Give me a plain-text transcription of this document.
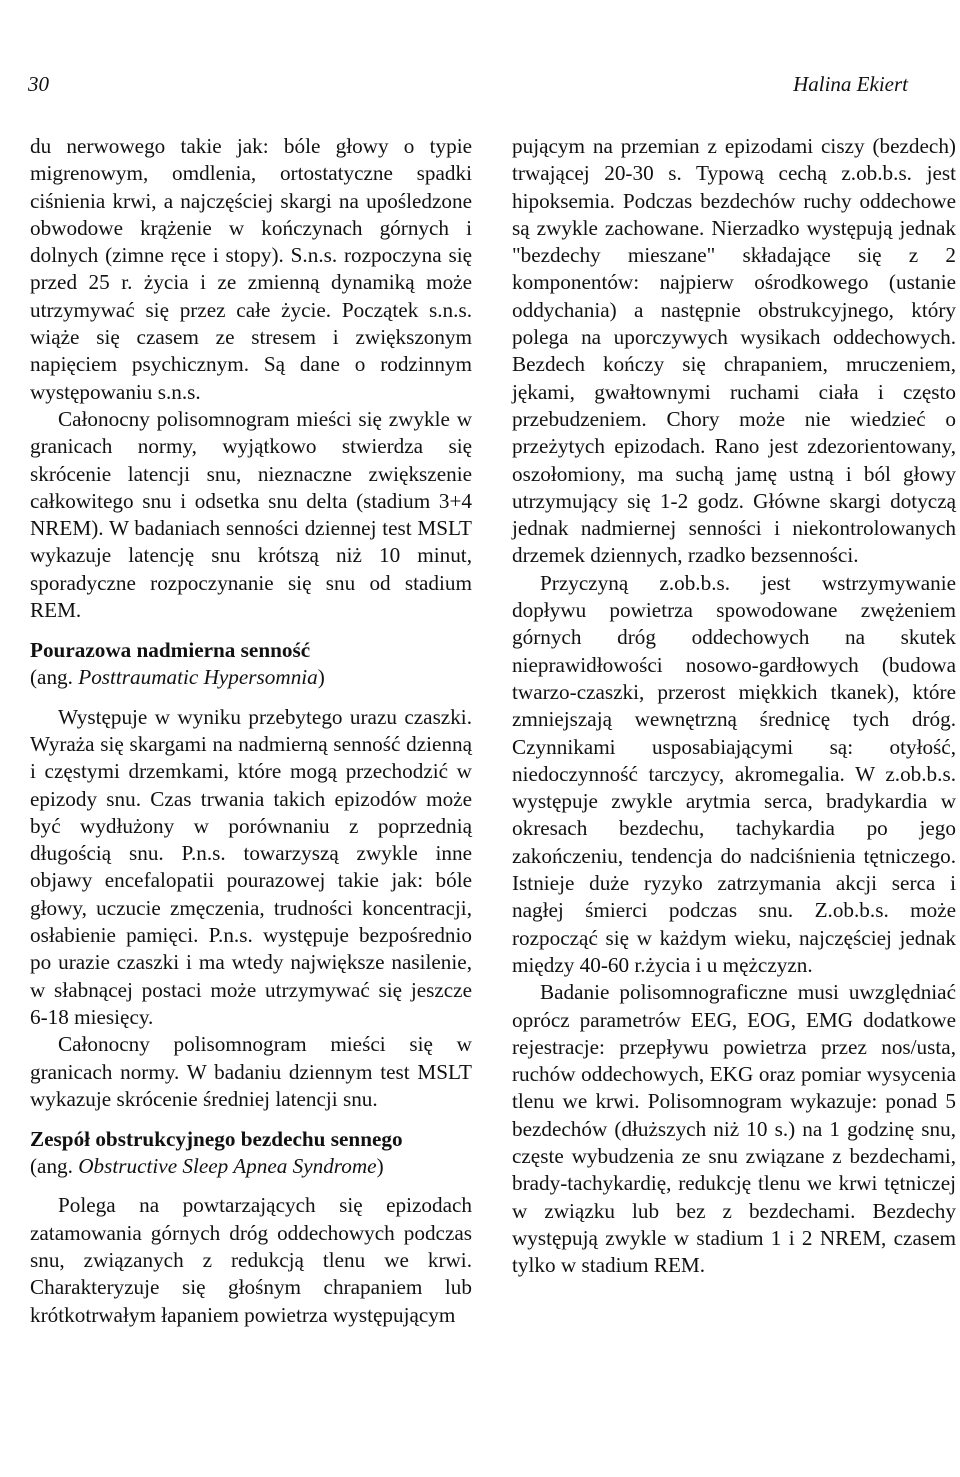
30	Halina Ekiert

du nerwowego takie jak: bóle głowy o typie migrenowym, omdlenia, ortostatyczne spadki ciśnienia krwi, a najczęściej skargi na upośledzone obwodowe krążenie w kończynach górnych i dolnych (zimne ręce i stopy). S.n.s. rozpoczyna się przed 25 r. życia i ze zmienną dynamiką może utrzymywać się przez całe życie. Początek s.n.s. wiąże się czasem ze stresem i zwiększonym napięciem psychicznym. Są dane o rodzinnym występowaniu s.n.s.

Całonocny polisomnogram mieści się zwykle w granicach normy, wyjątkowo stwierdza się skrócenie latencji snu, nieznaczne zwiększenie całkowitego snu i odsetka snu delta (stadium 3+4 NREM). W badaniach senności dziennej test MSLT wykazuje latencję snu krótszą niż 10 minut, sporadyczne rozpoczynanie się snu od stadium REM.

Pourazowa nadmierna senność

(ang. Posttraumatic Hypersomnia)

Występuje w wyniku przebytego urazu czaszki. Wyraża się skargami na nadmierną senność dzienną i częstymi drzemkami, które mogą przechodzić w epizody snu. Czas trwania takich epizodów może być wydłużony w porównaniu z poprzednią długością snu. P.n.s. towarzyszą zwykle inne objawy encefalopatii pourazowej takie jak: bóle głowy, uczucie zmęczenia, trudności koncentracji, osłabienie pamięci. P.n.s. występuje bezpośrednio po urazie czaszki i ma wtedy największe nasilenie, w słabnącej postaci może utrzymywać się jeszcze 6-18 miesięcy.

Całonocny polisomnogram mieści się w granicach normy. W badaniu dziennym test MSLT wykazuje skrócenie średniej latencji snu.

Zespół obstrukcyjnego bezdechu sennego

(ang. Obstructive Sleep Apnea Syndrome)

Polega na powtarzających się epizodach zatamowania górnych dróg oddechowych podczas snu, związanych z redukcją tlenu we krwi. Charakteryzuje się głośnym chrapaniem lub krótkotrwałym łapaniem powietrza występującym

pującym na przemian z epizodami ciszy (bezdech) trwającej 20-30 s. Typową cechą z.ob.b.s. jest hipoksemia. Podczas bezdechów ruchy oddechowe są zwykle zachowane. Nierzadko występują jednak "bezdechy mieszane" składające się z 2 komponentów: najpierw ośrodkowego (ustanie oddychania) a następnie obstrukcyjnego, który polega na uporczywych wysikach oddechowych. Bezdech kończy się chrapaniem, mruczeniem, jękami, gwałtownymi ruchami ciała i często przebudzeniem. Chory może nie wiedzieć o przeżytych epizodach. Rano jest zdezorientowany, oszołomiony, ma suchą jamę ustną i ból głowy utrzymujący się 1-2 godz. Główne skargi dotyczą jednak nadmiernej senności i niekontrolowanych drzemek dziennych, rzadko bezsenności.

Przyczyną z.ob.b.s. jest wstrzymywanie dopływu powietrza spowodowane zwężeniem górnych dróg oddechowych na skutek nieprawidłowości nosowo-gardłowych (budowa twarzo-czaszki, przerost miękkich tkanek), które zmniejszają wewnętrzną średnicę tych dróg. Czynnikami usposabiającymi są: otyłość, niedoczynność tarczycy, akromegalia. W z.ob.b.s. występuje zwykle arytmia serca, bradykardia w okresach bezdechu, tachykardia po jego zakończeniu, tendencja do nadciśnienia tętniczego. Istnieje duże ryzyko zatrzymania akcji serca i nagłej śmierci podczas snu. Z.ob.b.s. może rozpocząć się w każdym wieku, najczęściej jednak między 40-60 r.życia i u mężczyzn.

Badanie polisomnograficzne musi uwzględniać oprócz parametrów EEG, EOG, EMG dodatkowe rejestracje: przepływu powietrza przez nos/usta, ruchów oddechowych, EKG oraz pomiar wysycenia tlenu we krwi. Polisomnogram wykazuje: ponad 5 bezdechów (dłuższych niż 10 s.) na 1 godzinę snu, częste wybudzenia ze snu związane z bezdechami, brady-tachykardię, redukcję tlenu we krwi tętniczej w związku lub bez z bezdechami. Bezdechy występują zwykle w stadium 1 i 2 NREM, czasem tylko w stadium REM.
